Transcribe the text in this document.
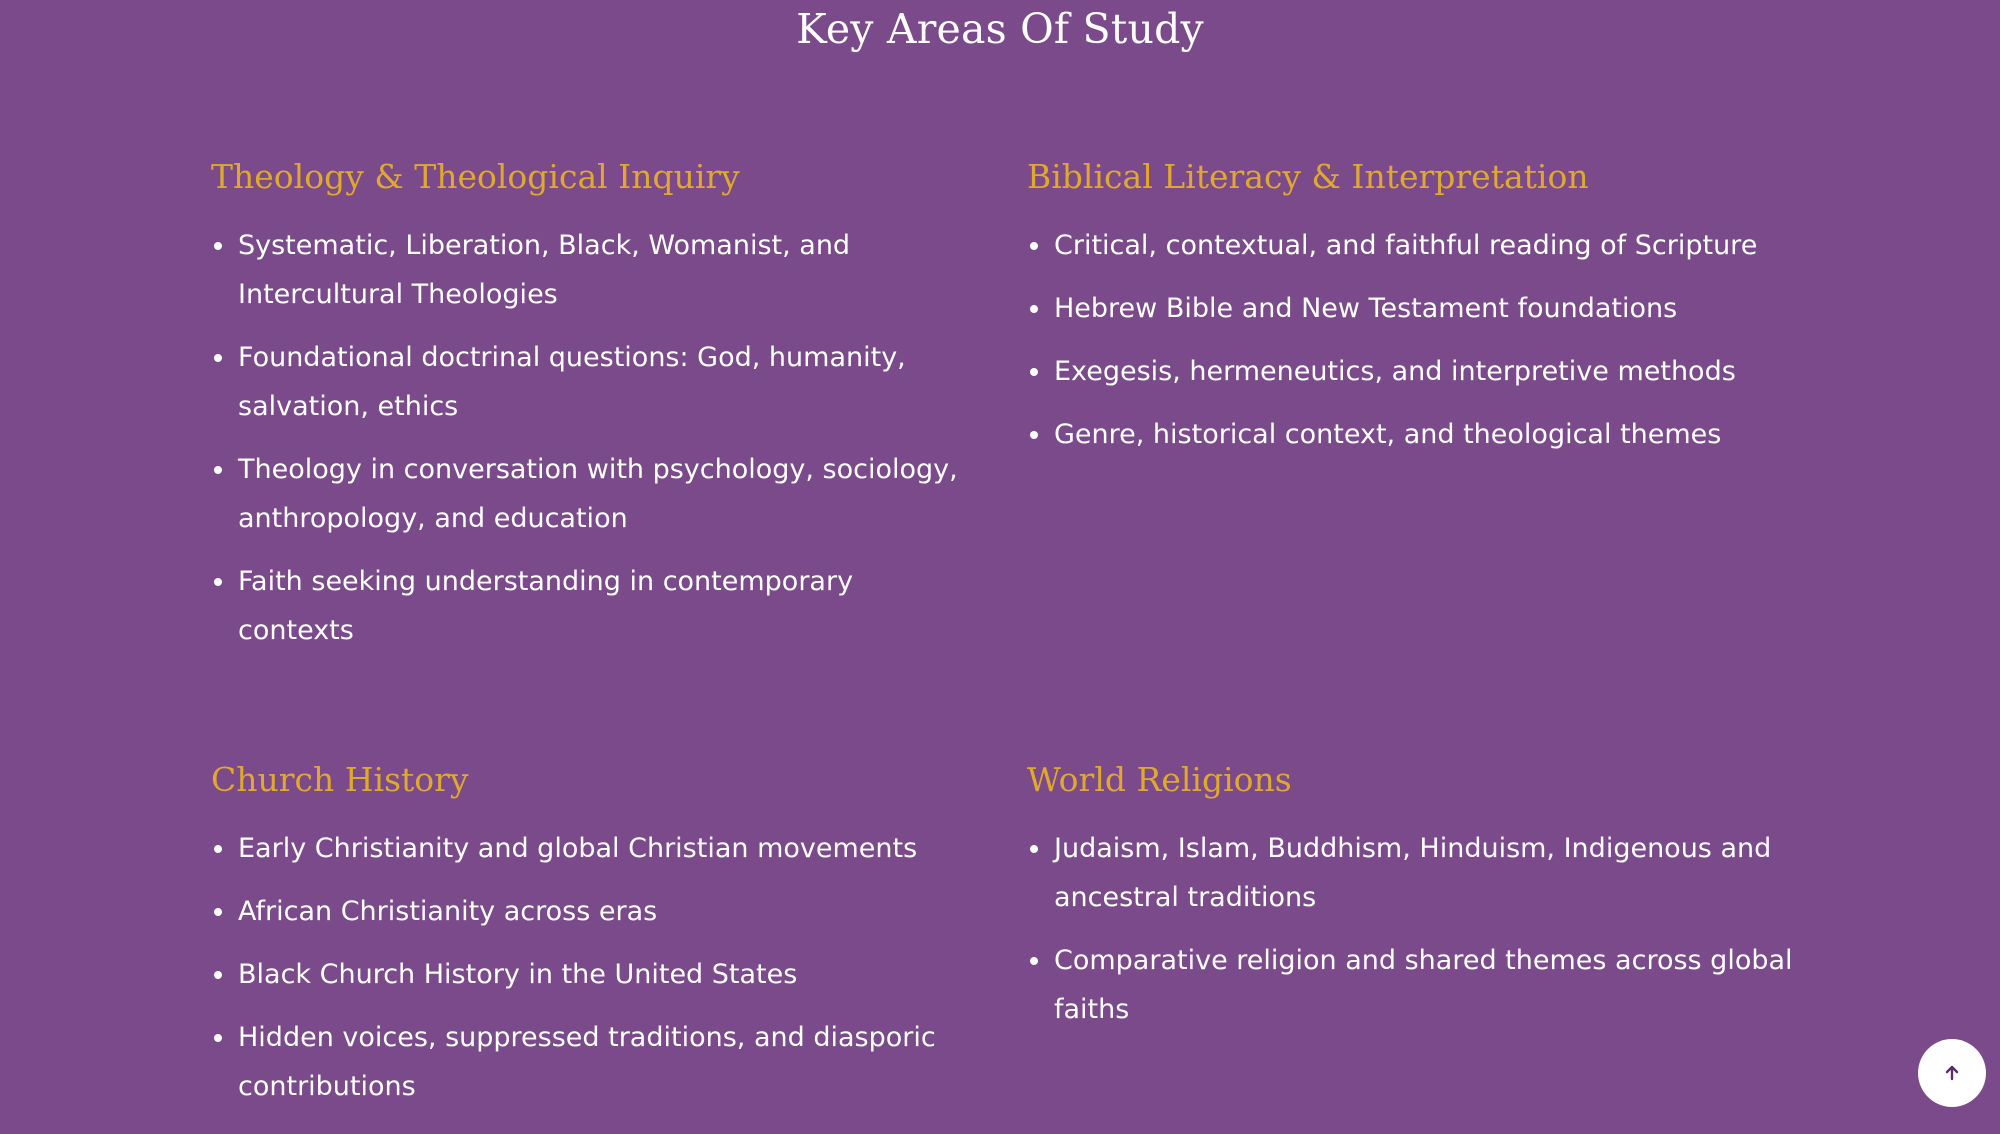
Key Areas Of Study
Theology & Theological Inquiry
Systematic, Liberation, Black, Womanist, and Intercultural Theologies
Foundational doctrinal questions: God, humanity, salvation, ethics
Theology in conversation with psychology, sociology, anthropology, and education
Faith seeking understanding in contemporary contexts
Biblical Literacy & Interpretation
Critical, contextual, and faithful reading of Scripture
Hebrew Bible and New Testament foundations
Exegesis, hermeneutics, and interpretive methods
Genre, historical context, and theological themes
Church History
Early Christianity and global Christian movements
African Christianity across eras
Black Church History in the United States
Hidden voices, suppressed traditions, and diasporic contributions
World Religions
Judaism, Islam, Buddhism, Hinduism, Indigenous and ancestral traditions
Comparative religion and shared themes across global faiths
